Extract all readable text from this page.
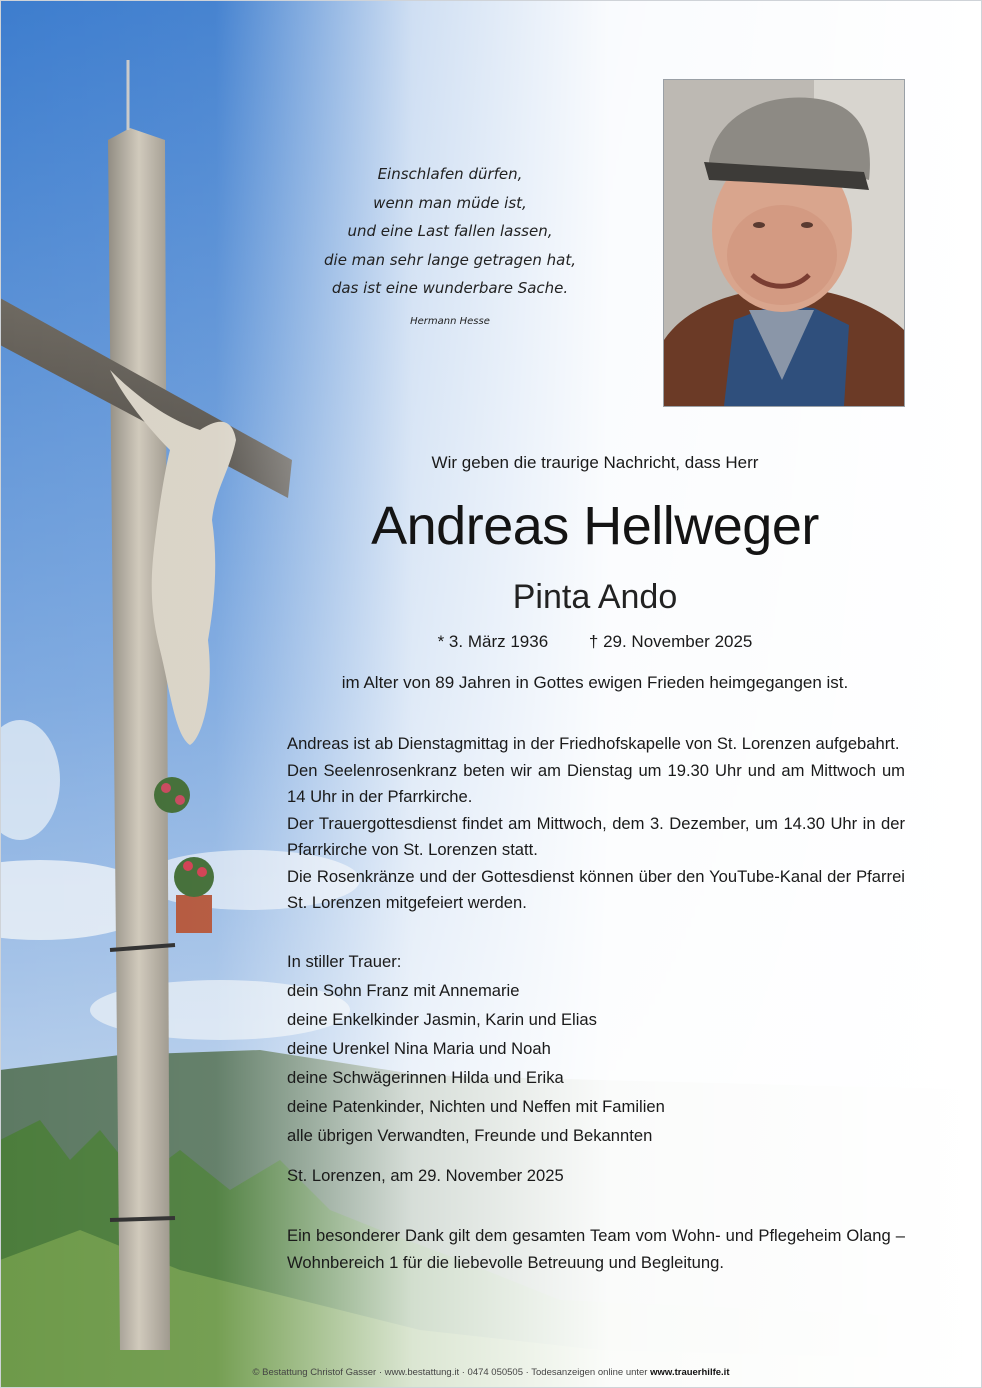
Einschlafen dürfen,
wenn man müde ist,
und eine Last fallen lassen,
die man sehr lange getragen hat,
das ist eine wunderbare Sache.
Hermann Hesse
Wir geben die traurige Nachricht, dass Herr
Andreas Hellweger
Pinta Ando
* 3. März 1936 † 29. November 2025
im Alter von 89 Jahren in Gottes ewigen Frieden heimgegangen ist.

Andreas ist ab Dienstagmittag in der Friedhofskapelle von St. Lorenzen aufgebahrt.

Den Seelenrosenkranz beten wir am Dienstag um 19.30 Uhr und am Mittwoch um 14 Uhr in der Pfarrkirche.

Der Trauergottesdienst findet am Mittwoch, dem 3. Dezember, um 14.30 Uhr in der Pfarrkirche von St. Lorenzen statt.

Die Rosenkränze und der Gottesdienst können über den YouTube-Kanal der Pfarrei St. Lorenzen mitgefeiert werden.

In stiller Trauer:
dein Sohn Franz mit Annemarie
deine Enkelkinder Jasmin, Karin und Elias
deine Urenkel Nina Maria und Noah
deine Schwägerinnen Hilda und Erika
deine Patenkinder, Nichten und Neffen mit Familien
alle übrigen Verwandten, Freunde und Bekannten
St. Lorenzen, am 29. November 2025
Ein besonderer Dank gilt dem gesamten Team vom Wohn- und Pflegeheim Olang – Wohnbereich 1 für die liebevolle Betreuung und Begleitung.
© Bestattung Christof Gasser · www.bestattung.it · 0474 050505 · Todesanzeigen online unter www.trauerhilfe.it
